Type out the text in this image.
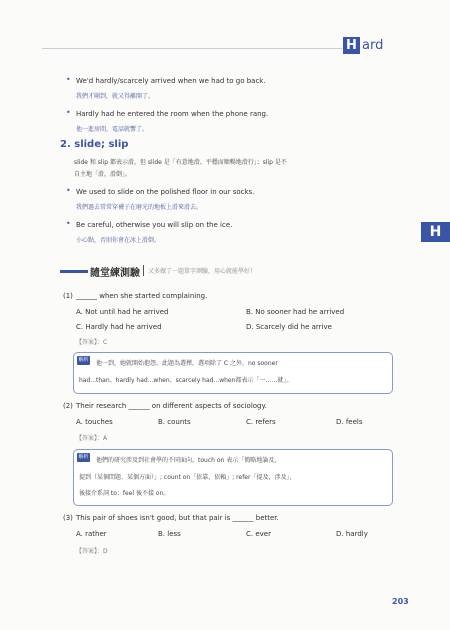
H ard
H
• We'd hardly/scarcely arrived when we had to go back.
我們才剛到，就又得離開了。
• Hardly had he entered the room when the phone rang.
他一進房間，電話就響了。
2. slide; slip
slide 和 slip 都表示滑，但 slide 是「有意地滑、平穩而順暢地滑行」；slip 是不
自主地「滑，滑倒」。
• We used to slide on the polished floor in our socks.
我們過去常常穿襪子在磨光的地板上滑來滑去。
• Be careful, otherwise you will slip on the ice.
小心點，否則你會在冰上滑倒。
隨堂練測驗 又多做了一題單字測驗，用心就能學好！
(1) ______ when she started complaining.
A. Not until had he arrived	B. No sooner had he arrived
C. Hardly had he arrived	D. Scarcely did he arrive
【答案】：C
解析 他一到，她就開始抱怨。此題為選擇，選項除了 C 之外，no sooner
had...than、hardly had...when、scarcely had...when都表示「一……就」。
(2) Their research ______ on different aspects of sociology.
A. touches	B. counts	C. refers	D. feels
【答案】：A
解析 他們的研究涉及到社會學的不同面向。touch on 表示「簡略地論及，
提到（某個問題、某個方面）」; count on「依靠，依賴」; refer「提及，涉及」，
後接介系詞 to；feel 後不接 on。
(3) This pair of shoes isn't good, but that pair is ______ better.
A. rather	B. less	C. ever	D. hardly
【答案】：D
203
